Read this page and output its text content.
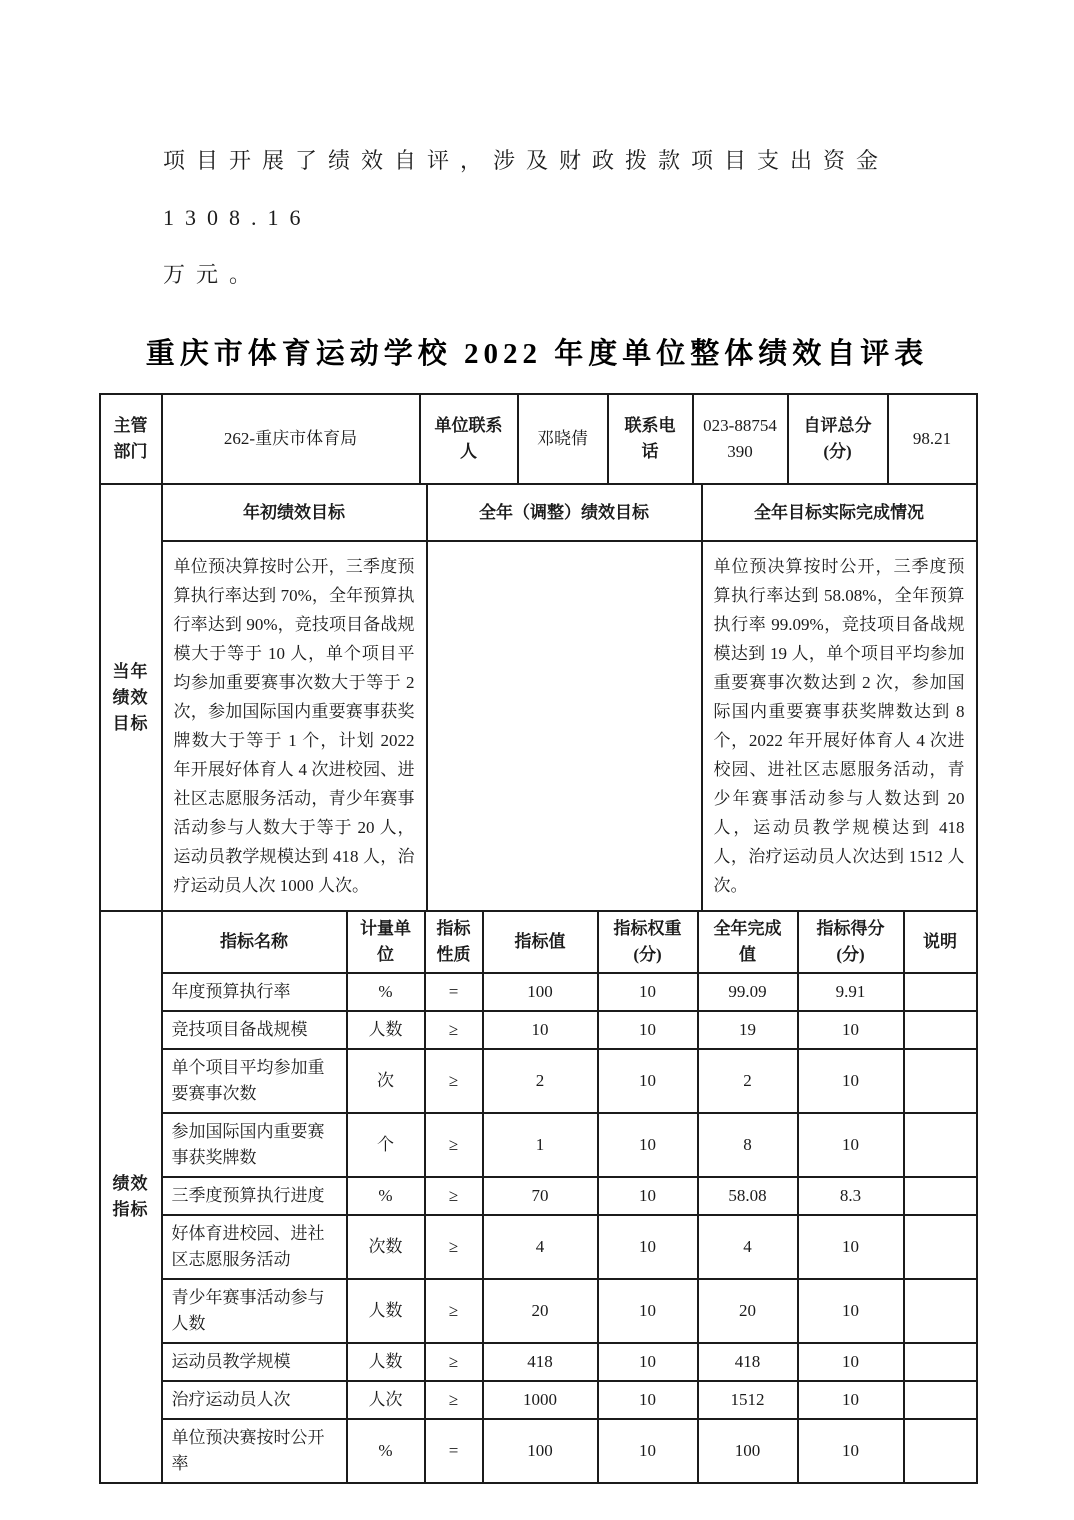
项目开展了绩效自评，涉及财政拨款项目支出资金 1308.16
万元。
重庆市体育运动学校 2022 年度单位整体绩效自评表
主管部门	262-重庆市体育局	单位联系人	邓晓倩	联系电话	023-88754390	自评总分(分)	98.21
当年绩效目标	年初绩效目标	全年（调整）绩效目标	全年目标实际完成情况
	单位预决算按时公开，三季度预算执行率达到 70%，全年预算执行率达到 90%，竞技项目备战规模大于等于 10 人，单个项目平均参加重要赛事次数大于等于 2 次，参加国际国内重要赛事获奖牌数大于等于 1 个，计划 2022 年开展好体育人 4 次进校园、进社区志愿服务活动，青少年赛事活动参与人数大于等于 20 人，运动员教学规模达到 418 人，治疗运动员人次 1000 人次。		单位预决算按时公开，三季度预算执行率达到 58.08%，全年预算执行率 99.09%，竞技项目备战规模达到 19 人，单个项目平均参加重要赛事次数达到 2 次，参加国际国内重要赛事获奖牌数达到 8 个，2022 年开展好体育人 4 次进校园、进社区志愿服务活动，青少年赛事活动参与人数达到 20 人，运动员教学规模达到 418 人，治疗运动员人次达到 1512 人次。
绩效指标	指标名称	计量单位	指标性质	指标值	指标权重(分)	全年完成值	指标得分(分)	说明
	年度预算执行率	%	=	100	10	99.09	9.91	
	竞技项目备战规模	人数	≥	10	10	19	10	
	单个项目平均参加重要赛事次数	次	≥	2	10	2	10	
	参加国际国内重要赛事获奖牌数	个	≥	1	10	8	10	
	三季度预算执行进度	%	≥	70	10	58.08	8.3	
	好体育进校园、进社区志愿服务活动	次数	≥	4	10	4	10	
	青少年赛事活动参与人数	人数	≥	20	10	20	10	
	运动员教学规模	人数	≥	418	10	418	10	
	治疗运动员人次	人次	≥	1000	10	1512	10	
	单位预决赛按时公开率	%	=	100	10	100	10	
